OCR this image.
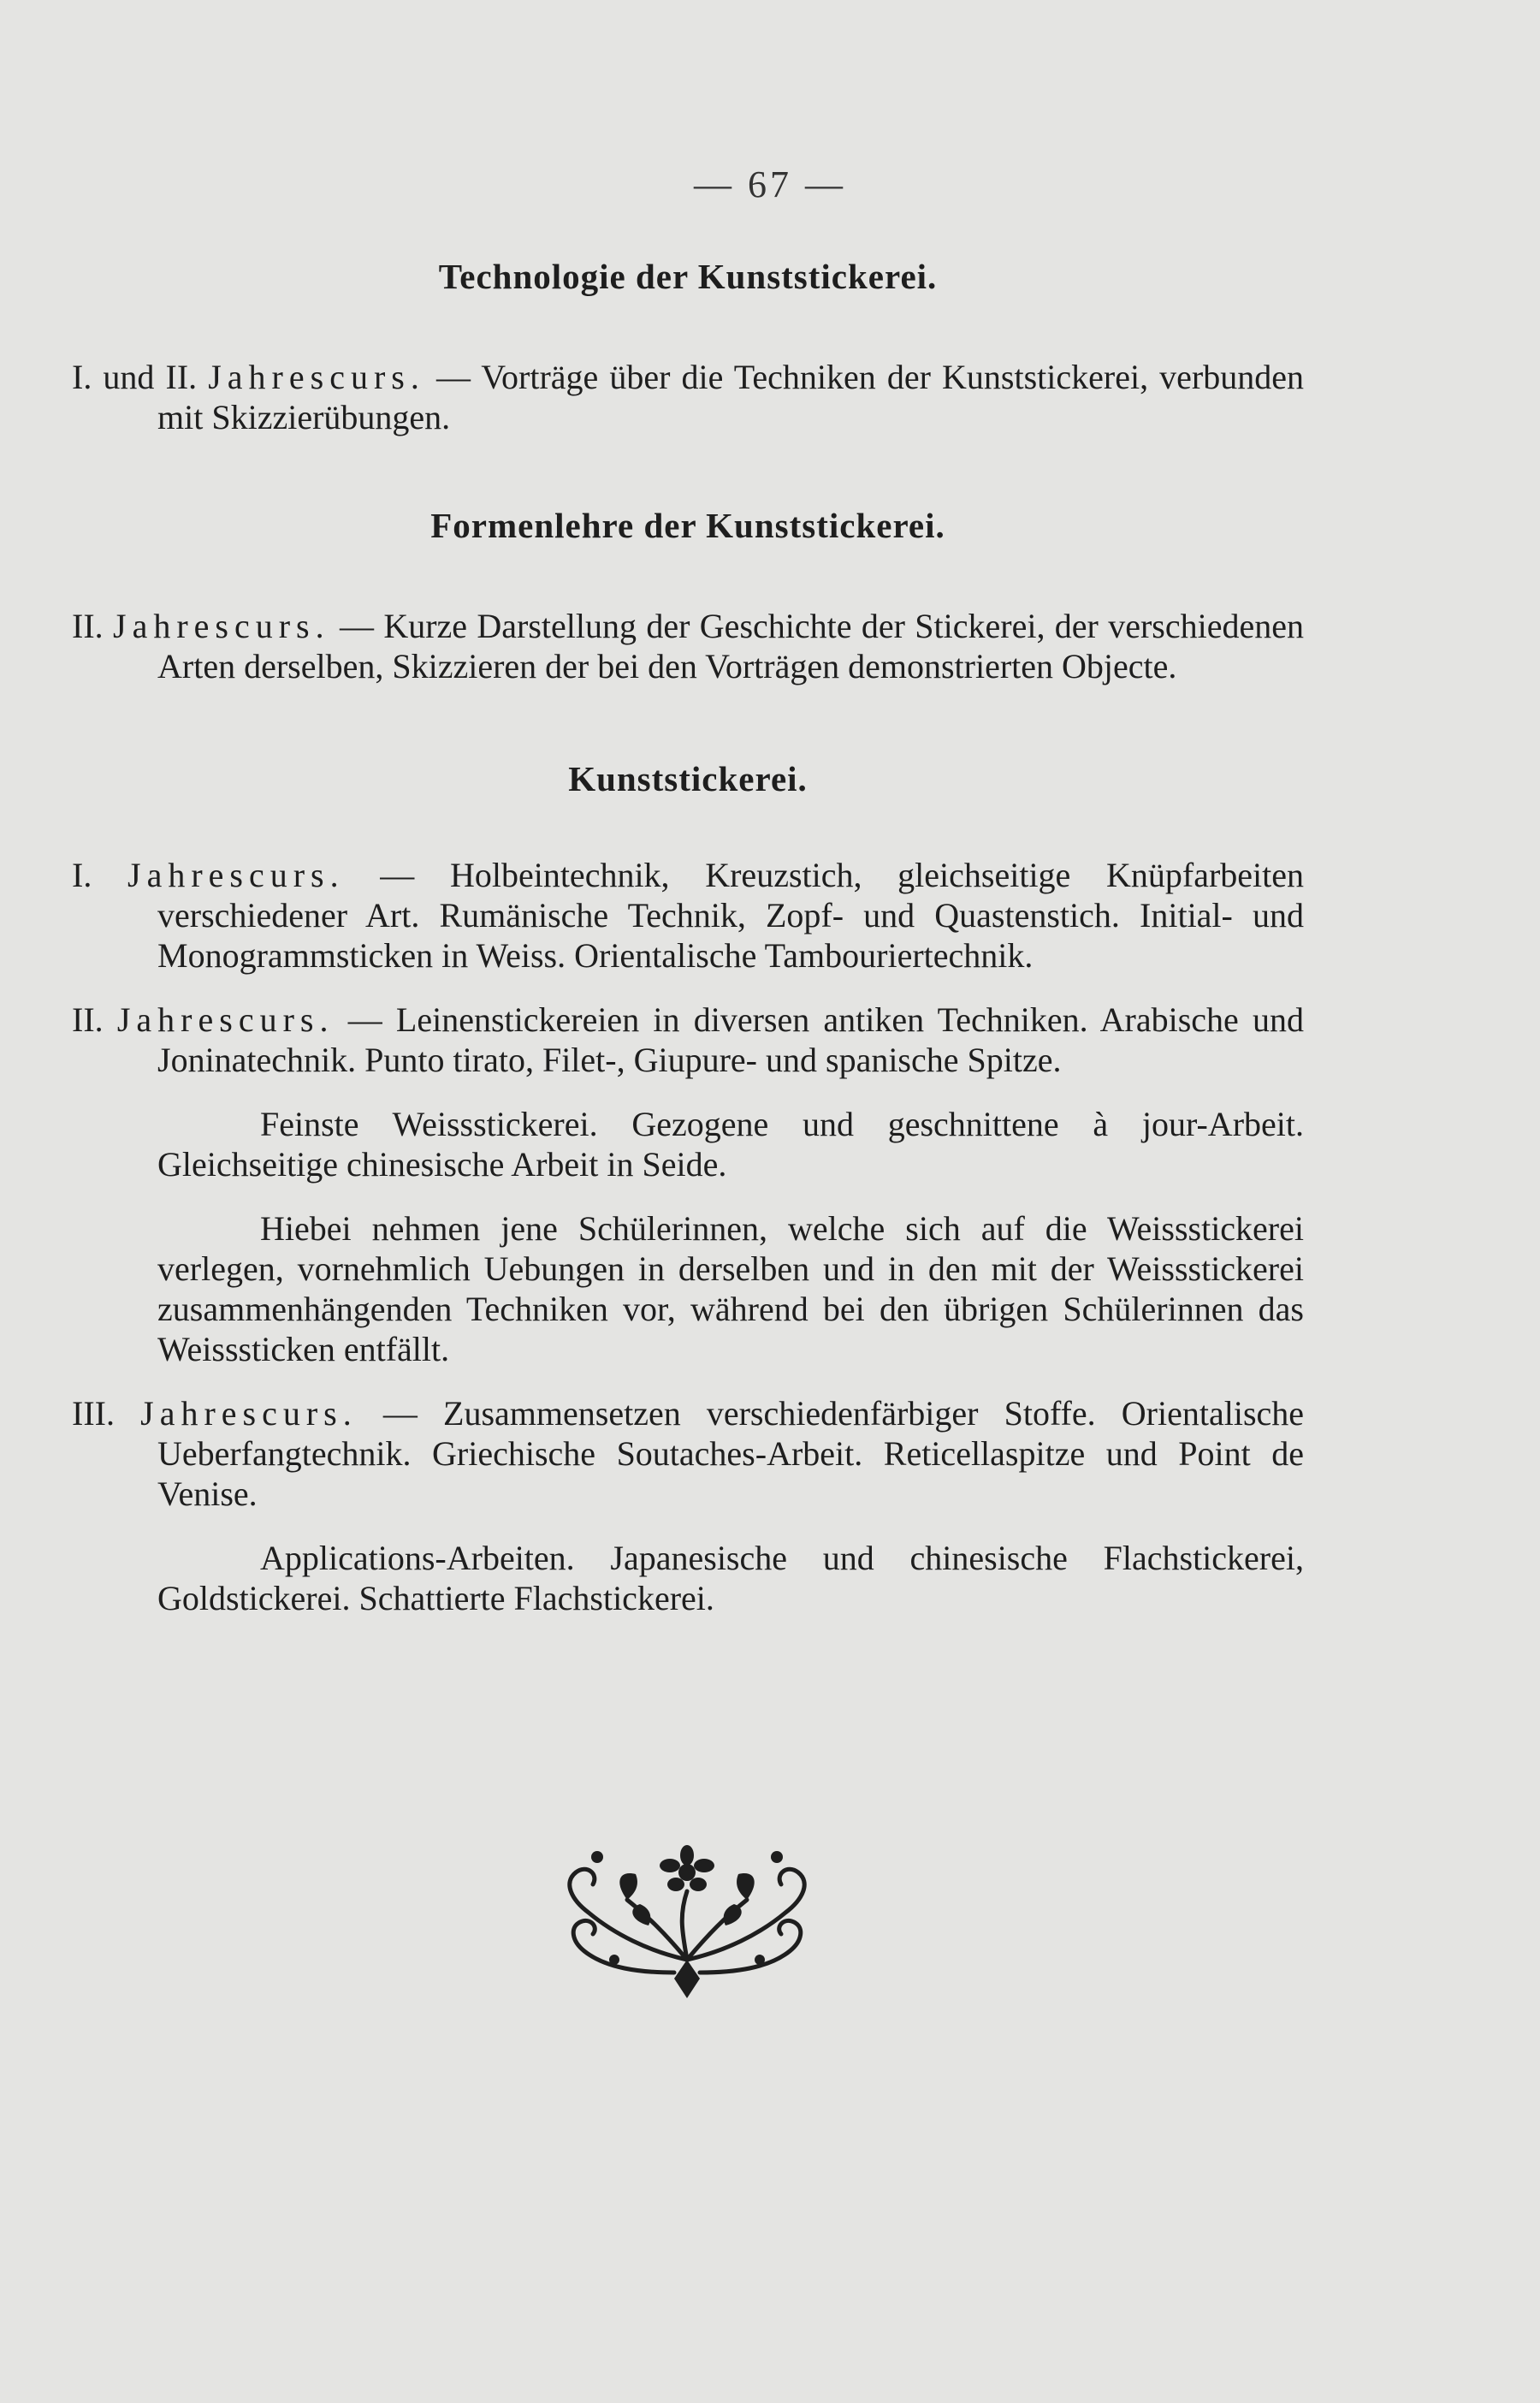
— 67 —
Technologie der Kunststickerei.

I. und II. Jahrescurs. — Vorträge über die Techniken der Kunststickerei, verbunden mit Skizzierübungen.

Formenlehre der Kunststickerei.

II. Jahrescurs. — Kurze Darstellung der Geschichte der Stickerei, der verschiedenen Arten derselben, Skizzieren der bei den Vorträgen demonstrierten Objecte.

Kunststickerei.

I. Jahrescurs. — Holbeintechnik, Kreuzstich, gleichseitige Knüpfarbeiten verschiedener Art. Rumänische Technik, Zopf- und Quastenstich. Initial- und Monogrammsticken in Weiss. Orientalische Tambouriertechnik.

II. Jahrescurs. — Leinenstickereien in diversen antiken Techniken. Arabische und Joninatechnik. Punto tirato, Filet-, Giupure- und spanische Spitze.

Feinste Weissstickerei. Gezogene und geschnittene à jour-Arbeit. Gleichseitige chinesische Arbeit in Seide.

Hiebei nehmen jene Schülerinnen, welche sich auf die Weissstickerei verlegen, vornehmlich Uebungen in derselben und in den mit der Weissstickerei zusammenhängenden Techniken vor, während bei den übrigen Schülerinnen das Weisssticken entfällt.

III. Jahrescurs. — Zusammensetzen verschiedenfärbiger Stoffe. Orientalische Ueberfangtechnik. Griechische Soutaches-Arbeit. Reticellaspitze und Point de Venise.

Applications-Arbeiten. Japanesische und chinesische Flachstickerei, Goldstickerei. Schattierte Flachstickerei.
